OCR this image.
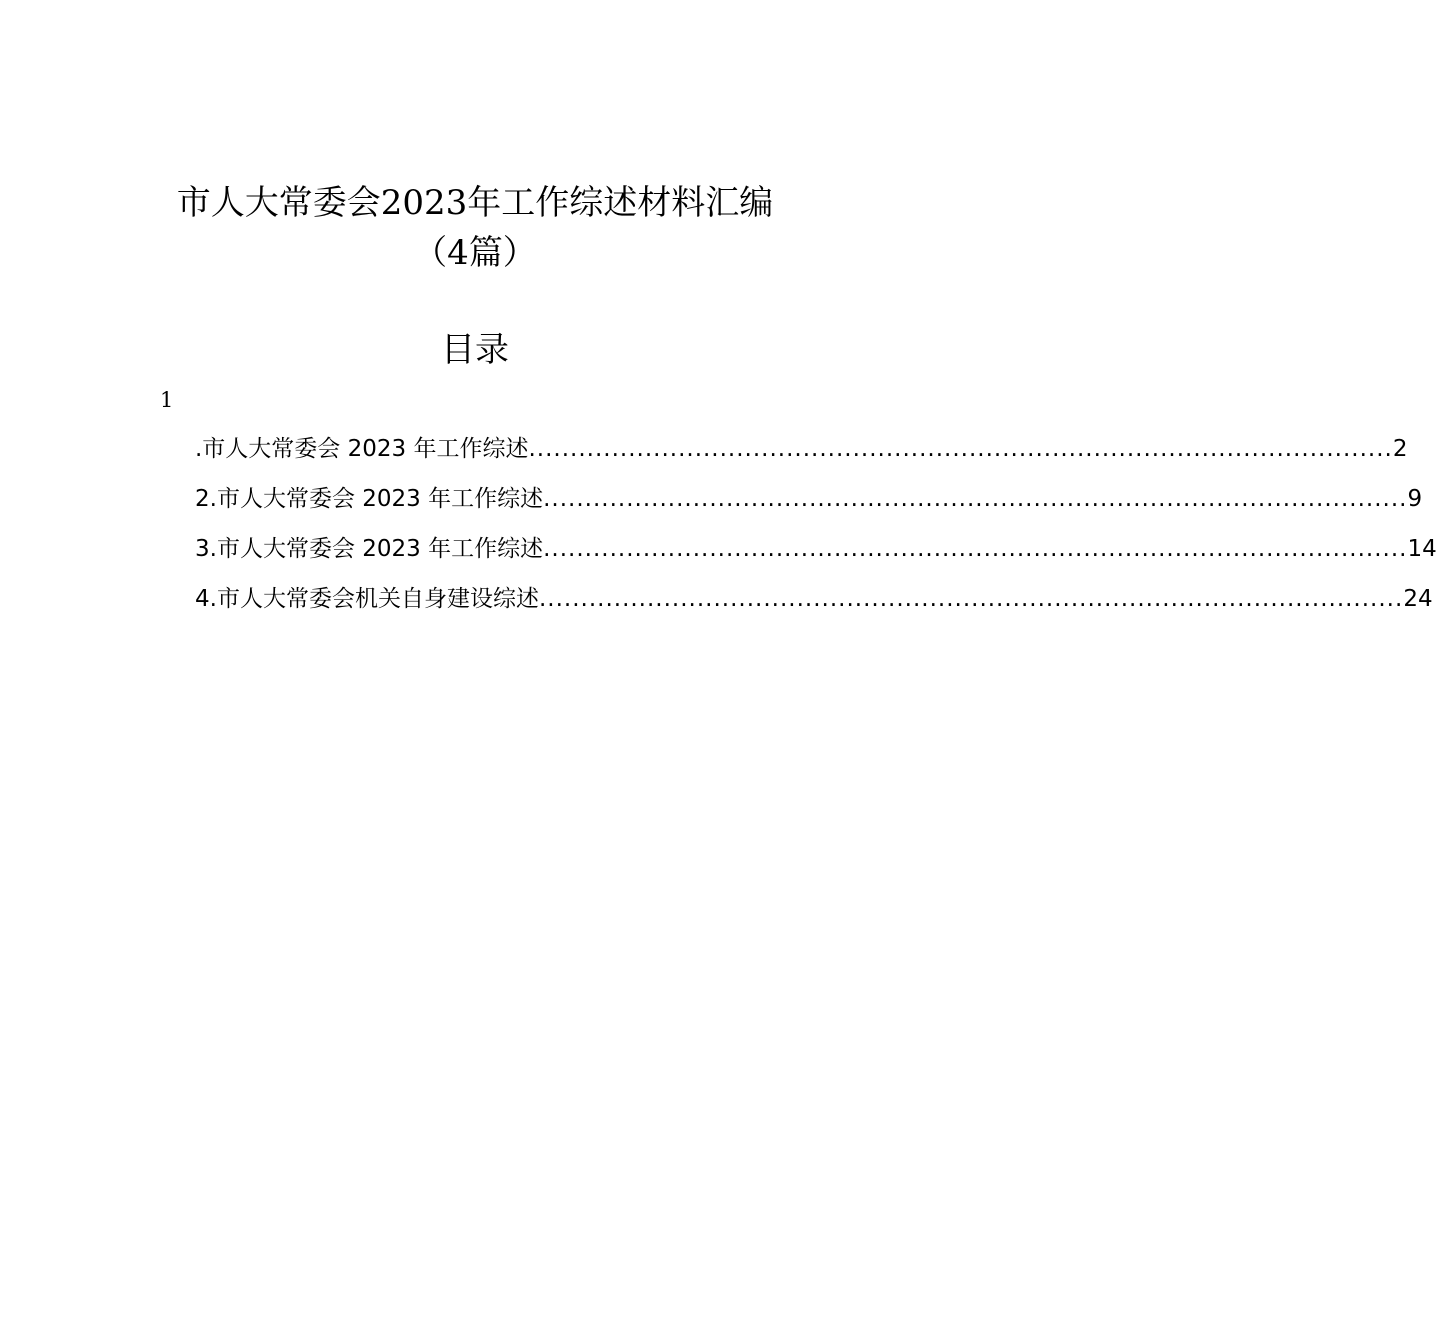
市人大常委会2023年工作综述材料汇编
（4篇）
目录
1
.市人大常委会 2023 年工作综述 ........................................................................................................ 2
2.市人大常委会 2023 年工作综述 ........................................................................................................ 9
3.市人大常委会 2023 年工作综述 ........................................................................................................ 14
4.市人大常委会机关自身建设综述 ........................................................................................................ 24
